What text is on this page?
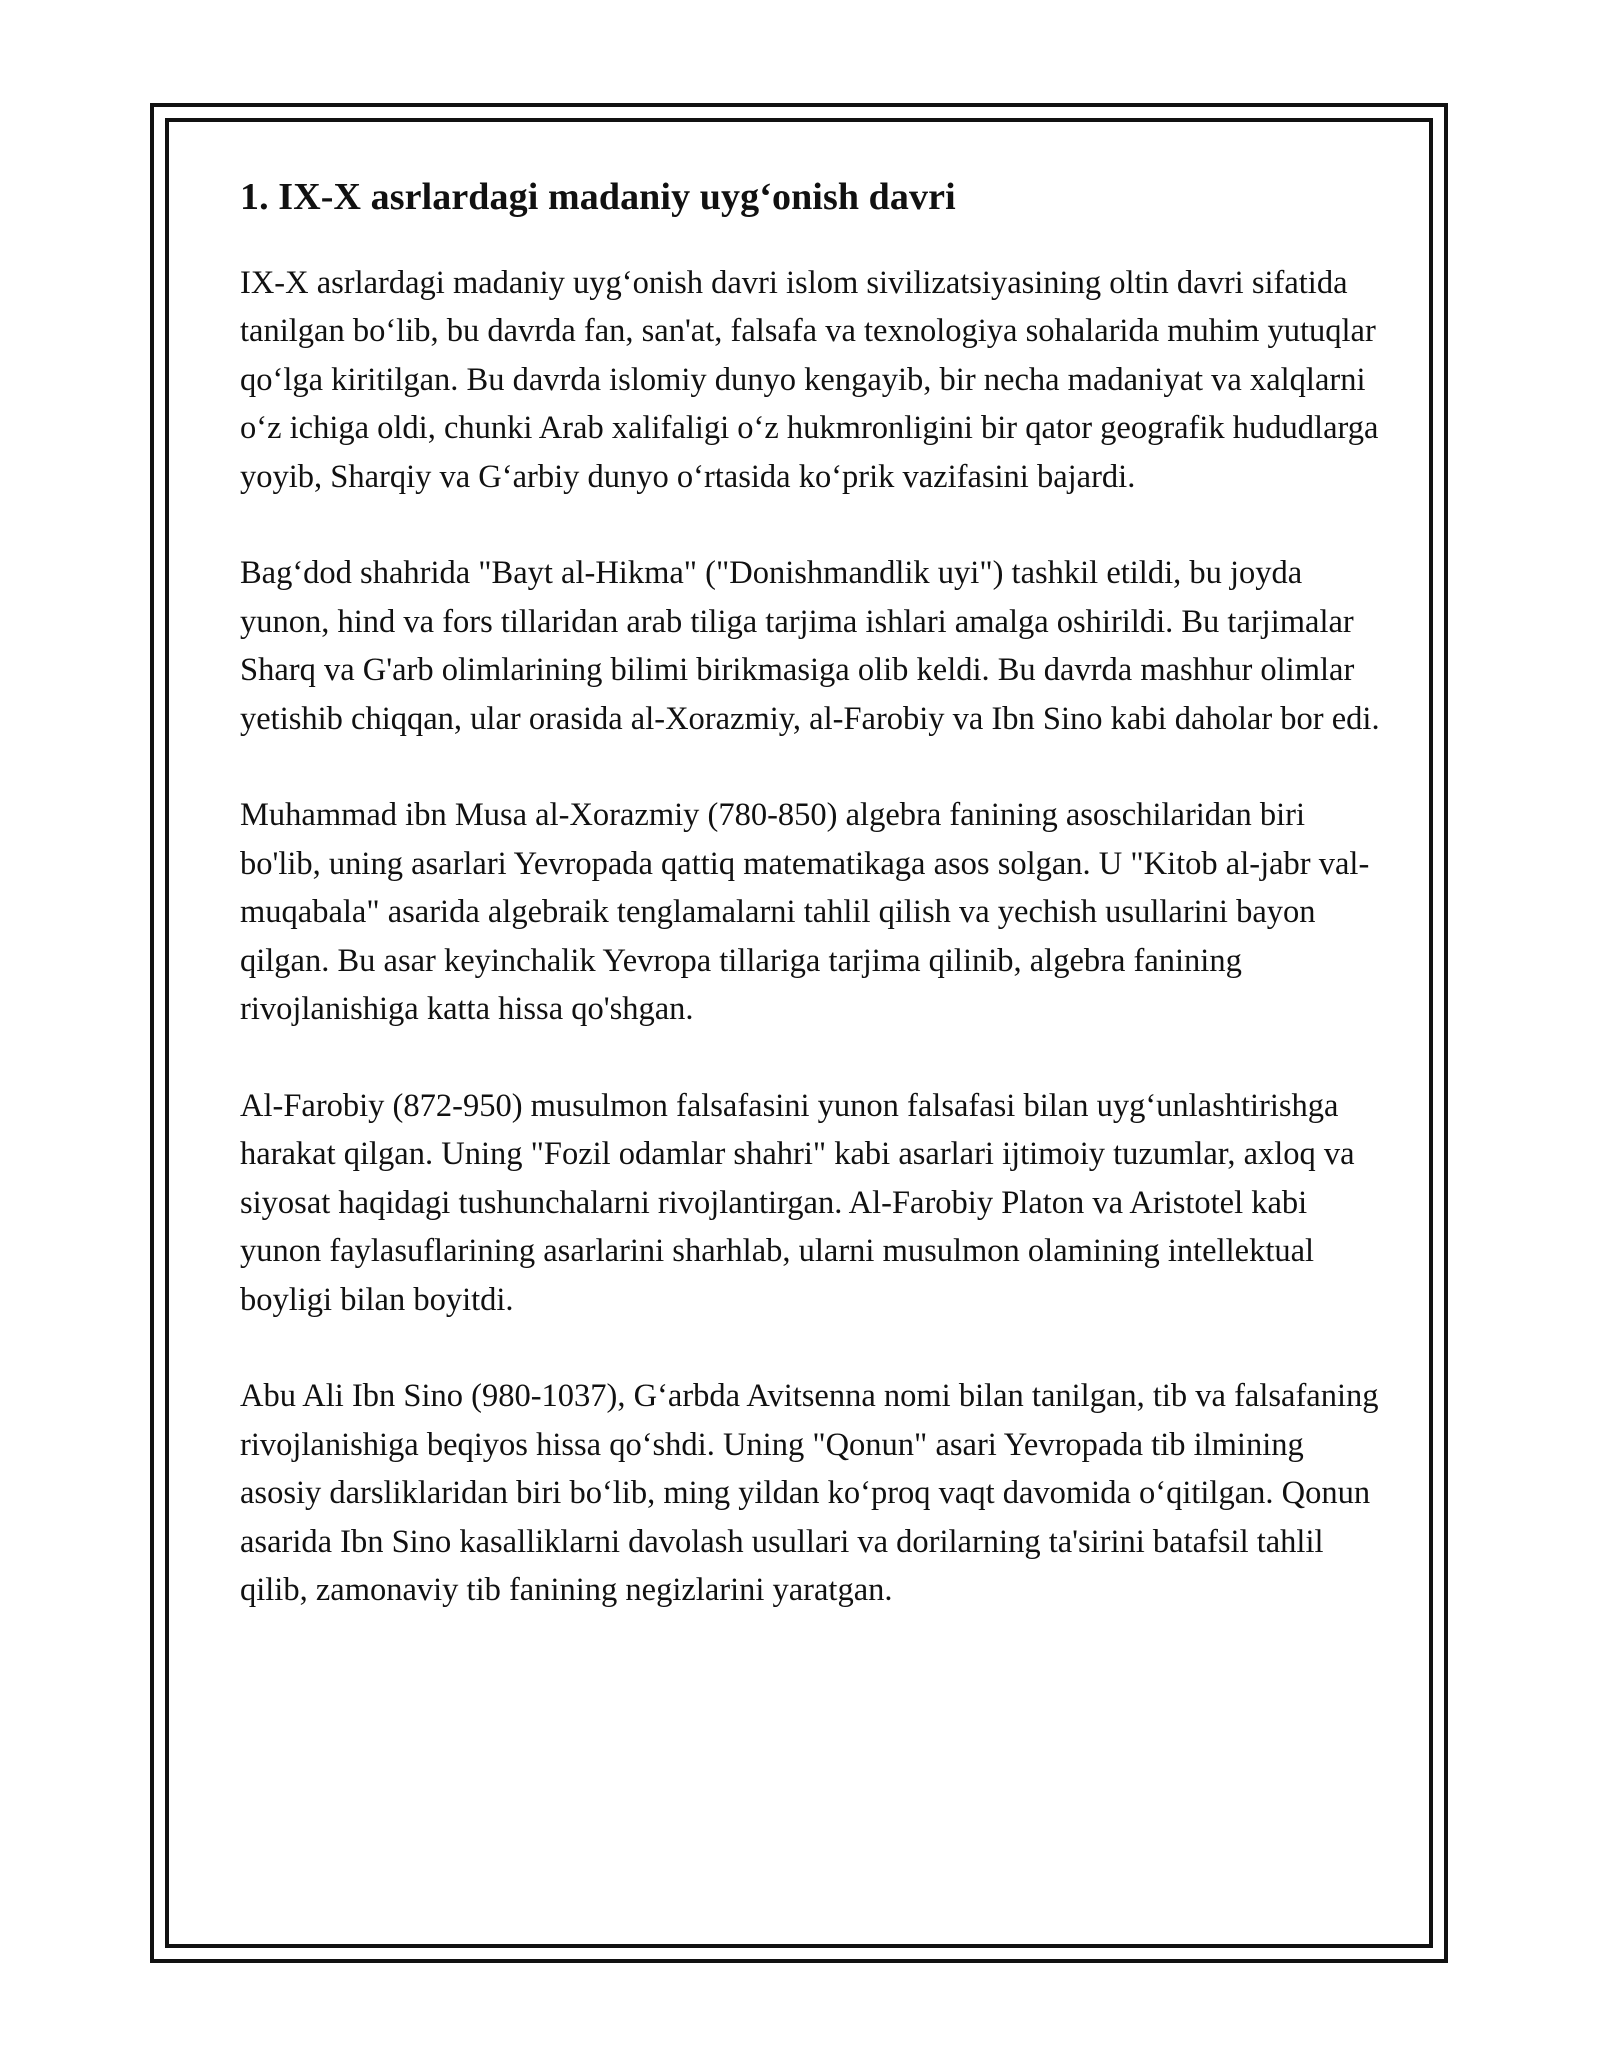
1. IX-X asrlardagi madaniy uyg‘onish davri

IX-X asrlardagi madaniy uyg‘onish davri islom sivilizatsiyasining oltin davri sifatida tanilgan bo‘lib, bu davrda fan, san'at, falsafa va texnologiya sohalarida muhim yutuqlar qo‘lga kiritilgan. Bu davrda islomiy dunyo kengayib, bir necha madaniyat va xalqlarni o‘z ichiga oldi, chunki Arab xalifaligi o‘z hukmronligini bir qator geografik hududlarga yoyib, Sharqiy va G‘arbiy dunyo o‘rtasida ko‘prik vazifasini bajardi.

Bag‘dod shahrida "Bayt al-Hikma" ("Donishmandlik uyi") tashkil etildi, bu joyda yunon, hind va fors tillaridan arab tiliga tarjima ishlari amalga oshirildi. Bu tarjimalar Sharq va G'arb olimlarining bilimi birikmasiga olib keldi. Bu davrda mashhur olimlar yetishib chiqqan, ular orasida al-Xorazmiy, al-Farobiy va Ibn Sino kabi daholar bor edi.

Muhammad ibn Musa al-Xorazmiy (780-850) algebra fanining asoschilaridan biri bo'lib, uning asarlari Yevropada qattiq matematikaga asos solgan. U "Kitob al-jabr val-muqabala" asarida algebraik tenglamalarni tahlil qilish va yechish usullarini bayon qilgan. Bu asar keyinchalik Yevropa tillariga tarjima qilinib, algebra fanining rivojlanishiga katta hissa qo'shgan.

Al-Farobiy (872-950) musulmon falsafasini yunon falsafasi bilan uyg‘unlashtirishga harakat qilgan. Uning "Fozil odamlar shahri" kabi asarlari ijtimoiy tuzumlar, axloq va siyosat haqidagi tushunchalarni rivojlantirgan. Al-Farobiy Platon va Aristotel kabi yunon faylasuflarining asarlarini sharhlab, ularni musulmon olamining intellektual boyligi bilan boyitdi.

Abu Ali Ibn Sino (980-1037), G‘arbda Avitsenna nomi bilan tanilgan, tib va falsafaning rivojlanishiga beqiyos hissa qo‘shdi. Uning "Qonun" asari Yevropada tib ilmining asosiy darsliklaridan biri bo‘lib, ming yildan ko‘proq vaqt davomida o‘qitilgan. Qonun asarida Ibn Sino kasalliklarni davolash usullari va dorilarning ta'sirini batafsil tahlil qilib, zamonaviy tib fanining negizlarini yaratgan.
